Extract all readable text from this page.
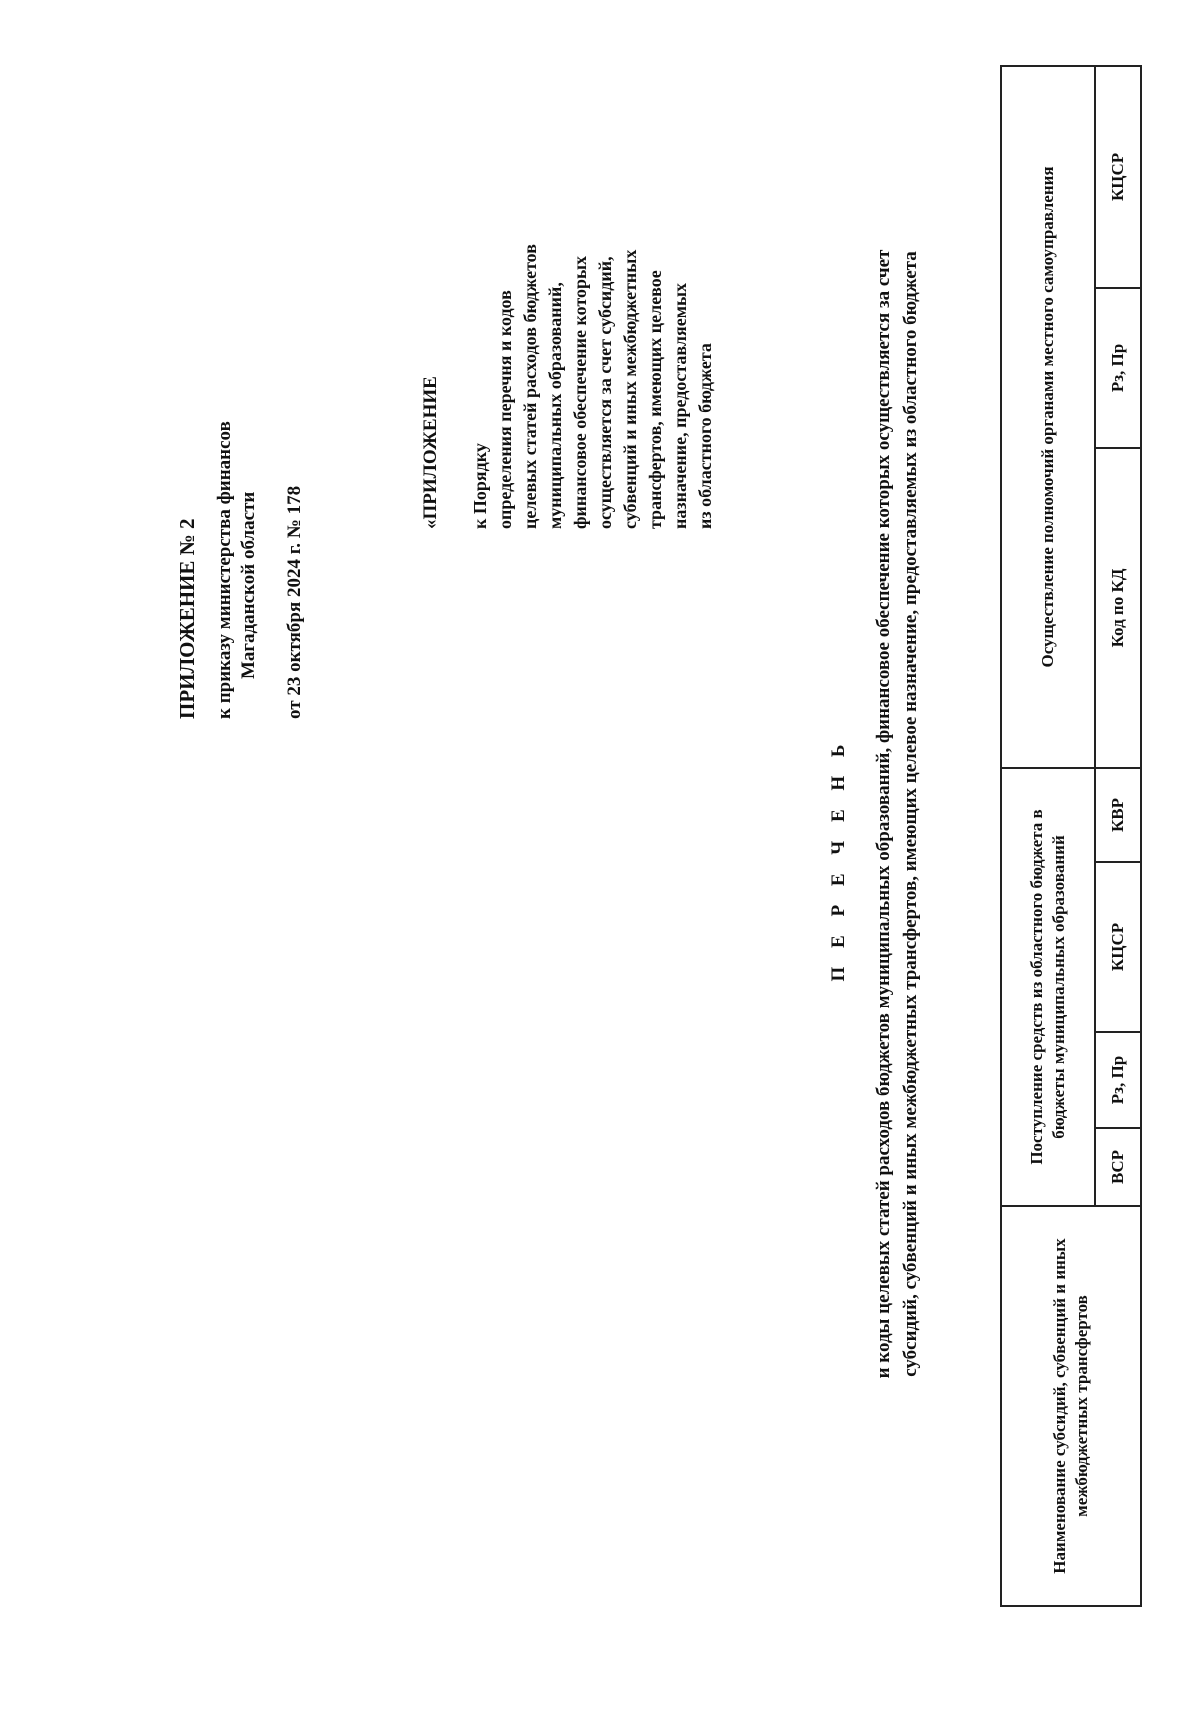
ПРИЛОЖЕНИЕ № 2 к приказу министерства финансов Магаданской области от 23 октября 2024 г. № 178
«ПРИЛОЖЕНИЕ к Порядку определения перечня и кодов целевых статей расходов бюджетов муниципальных образований, финансовое обеспечение которых осуществляется за счет субсидий, субвенций и иных межбюджетных трансфертов, имеющих целевое назначение, предоставляемых из областного бюджета
П Е Р Е Ч Е Н Ь и коды целевых статей расходов бюджетов муниципальных образований, финансовое обеспечение которых осуществляется за счет субсидий, субвенций и иных межбюджетных трансфертов, имеющих целевое назначение, предоставляемых из областного бюджета
Наименование субсидий, субвенций и иных межбюджетных трансфертов	Поступление средств из областного бюджета в бюджеты муниципальных образований				Осуществление полномочий органами местного самоуправления		
	ВСР	Рз, Пр	КЦСР	КВР	Код по КД	Рз, Пр	КЦСР
